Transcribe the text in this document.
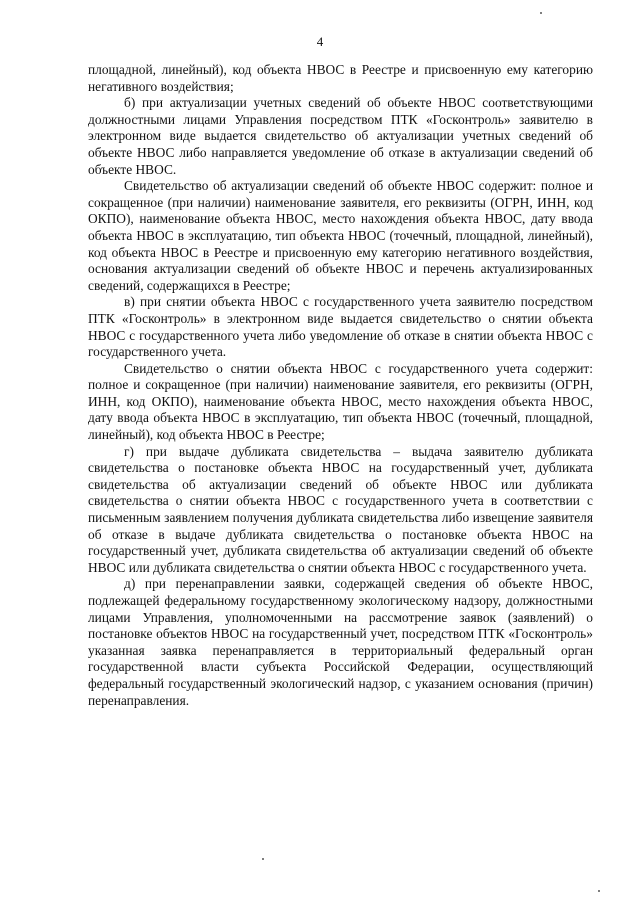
4

площадной, линейный), код объекта НВОС в Реестре и присвоенную ему категорию негативного воздействия;

б) при актуализации учетных сведений об объекте НВОС соответствующими должностными лицами Управления посредством ПТК «Госконтроль» заявителю в электронном виде выдается свидетельство об актуализации учетных сведений об объекте НВОС либо направляется уведомление об отказе в актуализации сведений об объекте НВОС.

Свидетельство об актуализации сведений об объекте НВОС содержит: полное и сокращенное (при наличии) наименование заявителя, его реквизиты (ОГРН, ИНН, код ОКПО), наименование объекта НВОС, место нахождения объекта НВОС, дату ввода объекта НВОС в эксплуатацию, тип объекта НВОС (точечный, площадной, линейный), код объекта НВОС в Реестре и присвоенную ему категорию негативного воздействия, основания актуализации сведений об объекте НВОС и перечень актуализированных сведений, содержащихся в Реестре;

в) при снятии объекта НВОС с государственного учета заявителю посредством ПТК «Госконтроль» в электронном виде выдается свидетельство о снятии объекта НВОС с государственного учета либо уведомление об отказе в снятии объекта НВОС с государственного учета.

Свидетельство о снятии объекта НВОС с государственного учета содержит: полное и сокращенное (при наличии) наименование заявителя, его реквизиты (ОГРН, ИНН, код ОКПО), наименование объекта НВОС, место нахождения объекта НВОС, дату ввода объекта НВОС в эксплуатацию, тип объекта НВОС (точечный, площадной, линейный), код объекта НВОС в Реестре;

г) при выдаче дубликата свидетельства – выдача заявителю дубликата свидетельства о постановке объекта НВОС на государственный учет, дубликата свидетельства об актуализации сведений об объекте НВОС или дубликата свидетельства о снятии объекта НВОС с государственного учета в соответствии с письменным заявлением получения дубликата свидетельства либо извещение заявителя об отказе в выдаче дубликата свидетельства о постановке объекта НВОС на государственный учет, дубликата свидетельства об актуализации сведений об объекте НВОС или дубликата свидетельства о снятии объекта НВОС с государственного учета.

д) при перенаправлении заявки, содержащей сведения об объекте НВОС, подлежащей федеральному государственному экологическому надзору, должностными лицами Управления, уполномоченными на рассмотрение заявок (заявлений) о постановке объектов НВОС на государственный учет, посредством ПТК «Госконтроль» указанная заявка перенаправляется в территориальный федеральный орган государственной власти субъекта Российской Федерации, осуществляющий федеральный государственный экологический надзор, с указанием основания (причин) перенаправления.
